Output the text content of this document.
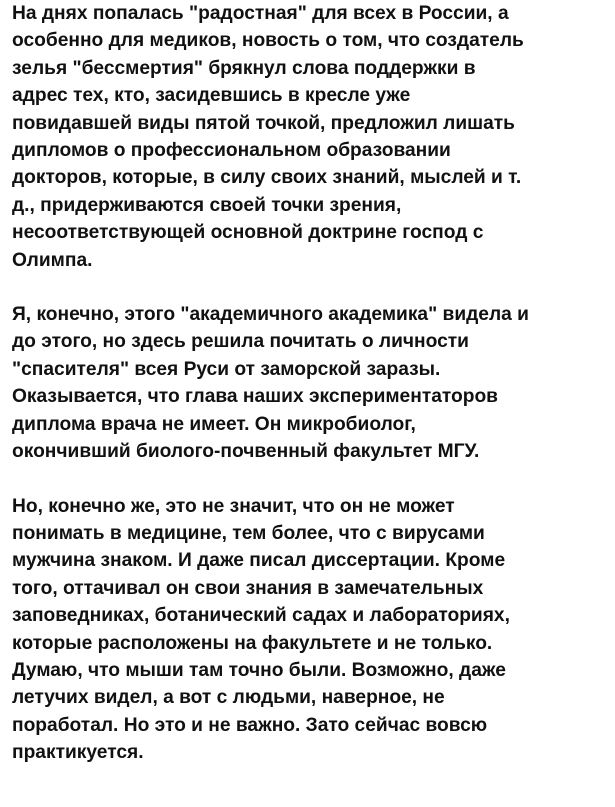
На днях попалась "радостная" для всех в России, а
особенно для медиков, новость о том, что создатель
зелья "бессмертия" брякнул слова поддержки в
адрес тех, кто, засидевшись в кресле уже
повидавшей виды пятой точкой, предложил лишать
дипломов о профессиональном образовании
докторов, которые, в силу своих знаний, мыслей и т.
д., придерживаются своей точки зрения,
несоответствующей основной доктрине господ с
Олимпа.

Я, конечно, этого "академичного академика" видела и
до этого, но здесь решила почитать о личности
"спасителя" всея Руси от заморской заразы.
Оказывается, что глава наших экспериментаторов
диплома врача не имеет. Он микробиолог,
окончивший биолого-почвенный факультет МГУ.

Но, конечно же, это не значит, что он не может
понимать в медицине, тем более, что с вирусами
мужчина знаком. И даже писал диссертации. Кроме
того, оттачивал он свои знания в замечательных
заповедниках, ботанический садах и лабораториях,
которые расположены на факультете и не только.
Думаю, что мыши там точно были. Возможно, даже
летучих видел, а вот с людьми, наверное, не
поработал. Но это и не важно. Зато сейчас вовсю
практикуется.
